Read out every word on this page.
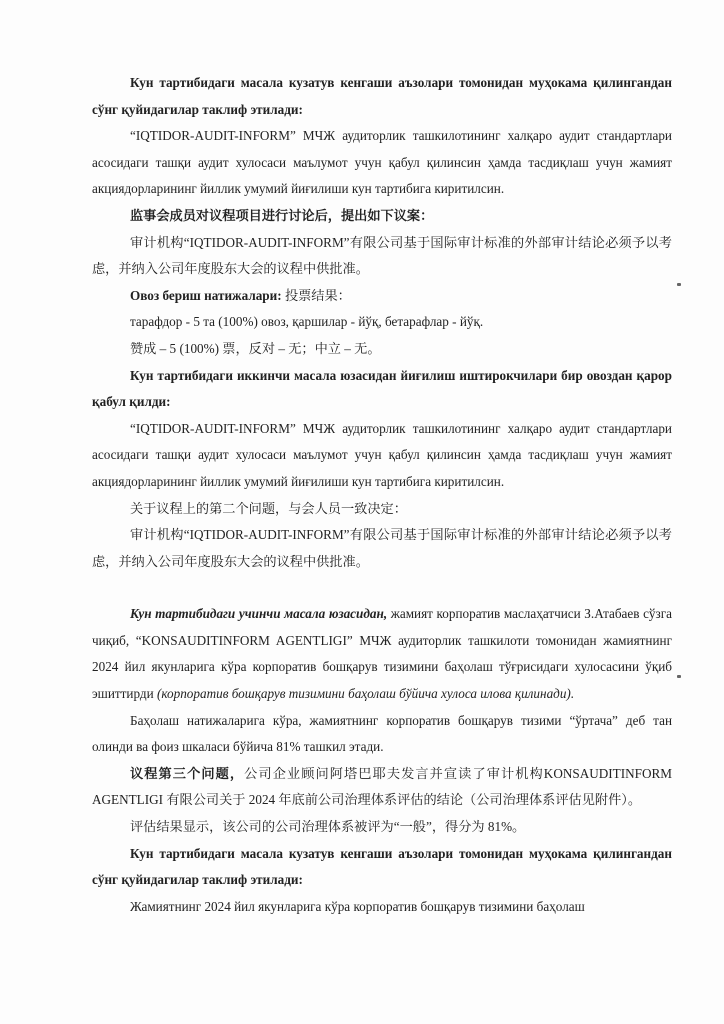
Кун тартибидаги масала кузатув кенгаши аъзолари томонидан муҳокама қилингандан сўнг қуйидагилар таклиф этилади:

“IQTIDOR-AUDIT-INFORM” МЧЖ аудиторлик ташкилотининг халқаро аудит стандартлари асосидаги ташқи аудит хулосаси маълумот учун қабул қилинсин ҳамда тасдиқлаш учун жамият акциядорларининг йиллик умумий йиғилиши кун тартибига киритилсин.

监事会成员对议程项目进行讨论后，提出如下议案：

审计机构“IQTIDOR-AUDIT-INFORM”有限公司基于国际审计标准的外部审计结论必须予以考虑，并纳入公司年度股东大会的议程中供批准。

Овоз бериш натижалари: 投票结果：

тарафдор - 5 та (100%) овоз, қаршилар - йўқ, бетарафлар - йўқ.

赞成 – 5 (100%) 票，反对 – 无；中立 – 无。

Кун тартибидаги иккинчи масала юзасидан йиғилиш иштирокчилари бир овоздан қарор қабул қилди:

“IQTIDOR-AUDIT-INFORM” МЧЖ аудиторлик ташкилотининг халқаро аудит стандартлари асосидаги ташқи аудит хулосаси маълумот учун қабул қилинсин ҳамда тасдиқлаш учун жамият акциядорларининг йиллик умумий йиғилиши кун тартибига киритилсин.

关于议程上的第二个问题，与会人员一致决定：

审计机构“IQTIDOR-AUDIT-INFORM”有限公司基于国际审计标准的外部审计结论必须予以考虑，并纳入公司年度股东大会的议程中供批准。

Кун тартибидаги учинчи масала юзасидан, жамият корпоратив маслаҳатчиси З.Атабаев сўзга чиқиб, “KONSAUDITINFORM AGENTLIGI” МЧЖ аудиторлик ташкилоти томонидан жамиятнинг 2024 йил якунларига кўра корпоратив бошқарув тизимини баҳолаш тўғрисидаги хулосасини ўқиб эшиттирди (корпоратив бошқарув тизимини баҳолаш бўйича хулоса илова қилинади).

Баҳолаш натижаларига кўра, жамиятнинг корпоратив бошқарув тизими “ўртача” деб тан олинди ва фоиз шкаласи бўйича 81% ташкил этади.

议程第三个问题，公司企业顾问阿塔巴耶夫发言并宣读了审计机构KONSAUDITINFORM AGENTLIGI 有限公司关于 2024 年底前公司治理体系评估的结论（公司治理体系评估见附件）。

评估结果显示，该公司的公司治理体系被评为“一般”，得分为 81%。

Кун тартибидаги масала кузатув кенгаши аъзолари томонидан муҳокама қилингандан сўнг қуйидагилар таклиф этилади:

Жамиятнинг 2024 йил якунларига кўра корпоратив бошқарув тизимини баҳолаш
